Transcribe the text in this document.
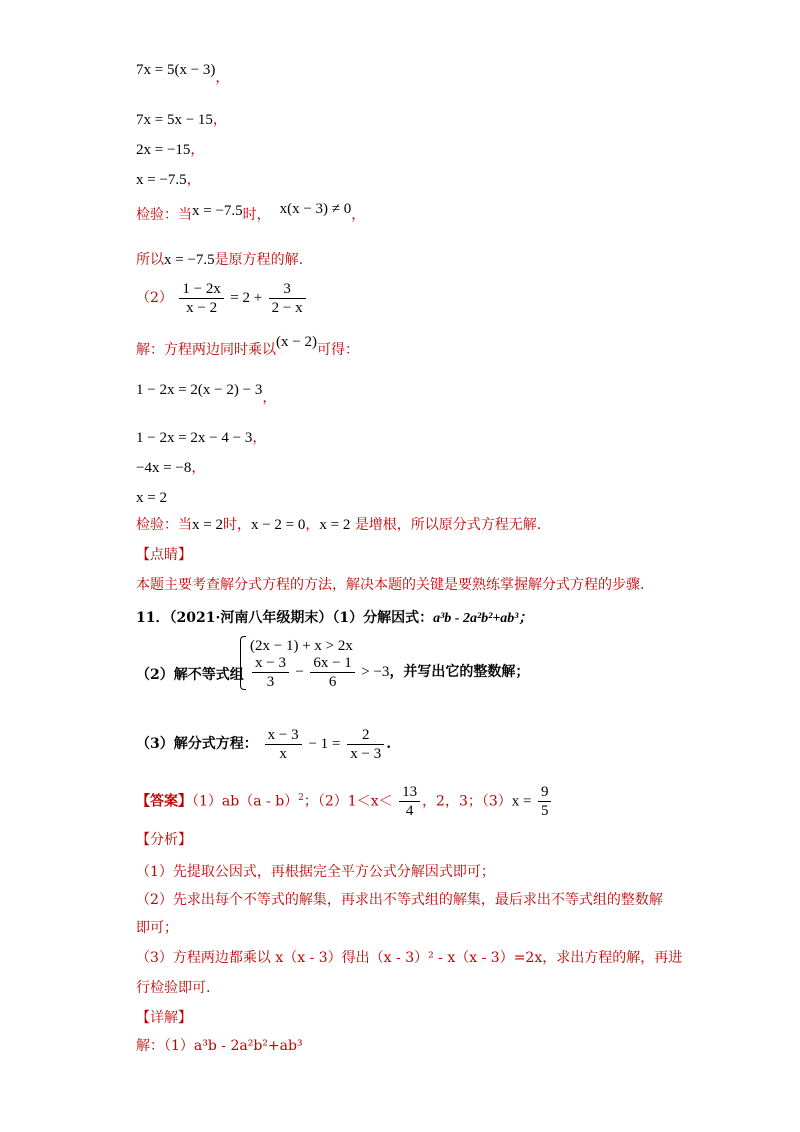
7x = 5(x − 3)，
7x = 5x − 15，
2x = −15，
x = −7.5，
检验：当x = −7.5时， x(x − 3) ≠ 0，
所以x = −7.5是原方程的解.
$(2) \frac{1 - 2x}{x - 2} = 2 + \frac{3}{2 - x}$
解：方程两边同时乘以(x − 2)可得：
1 − 2x = 2(x − 2) − 3，
1 − 2x = 2x − 4 − 3，
−4x = −8，
x = 2
检验：当x = 2时，x − 2 = 0，x = 2 是增根，所以原分式方程无解.
【点睛】
本题主要考查解分式方程的方法，解决本题的关键是要熟练掌握解分式方程的步骤.
11．（2021·河南八年级期末）（1）分解因式：a³b - 2a²b²+ab³；
（2）解不等式组
(2x − 1) + x > 2x
$\frac{x - 3}{3} - \frac{6x - 1}{6} > -3$，并写出它的整数解；
（3）解分式方程： $\frac{x - 3}{x} - 1 = \frac{2}{x - 3}$ .
【答案】（1）ab（a - b）$^2$；$(2)1<x< \frac{13}{4}$ ，2，3；$(3)x = \frac{9}{5}$
【分析】
（1）先提取公因式，再根据完全平方公式分解因式即可；
（2）先求出每个不等式的解集，再求出不等式组的解集，最后求出不等式组的整数解
即可；
（3）方程两边都乘以 x（x - 3）得出（x - 3）² - x（x - 3）=2x，求出方程的解，再进
行检验即可.
【详解】
解：（1）a³b - 2a²b²+ab³
